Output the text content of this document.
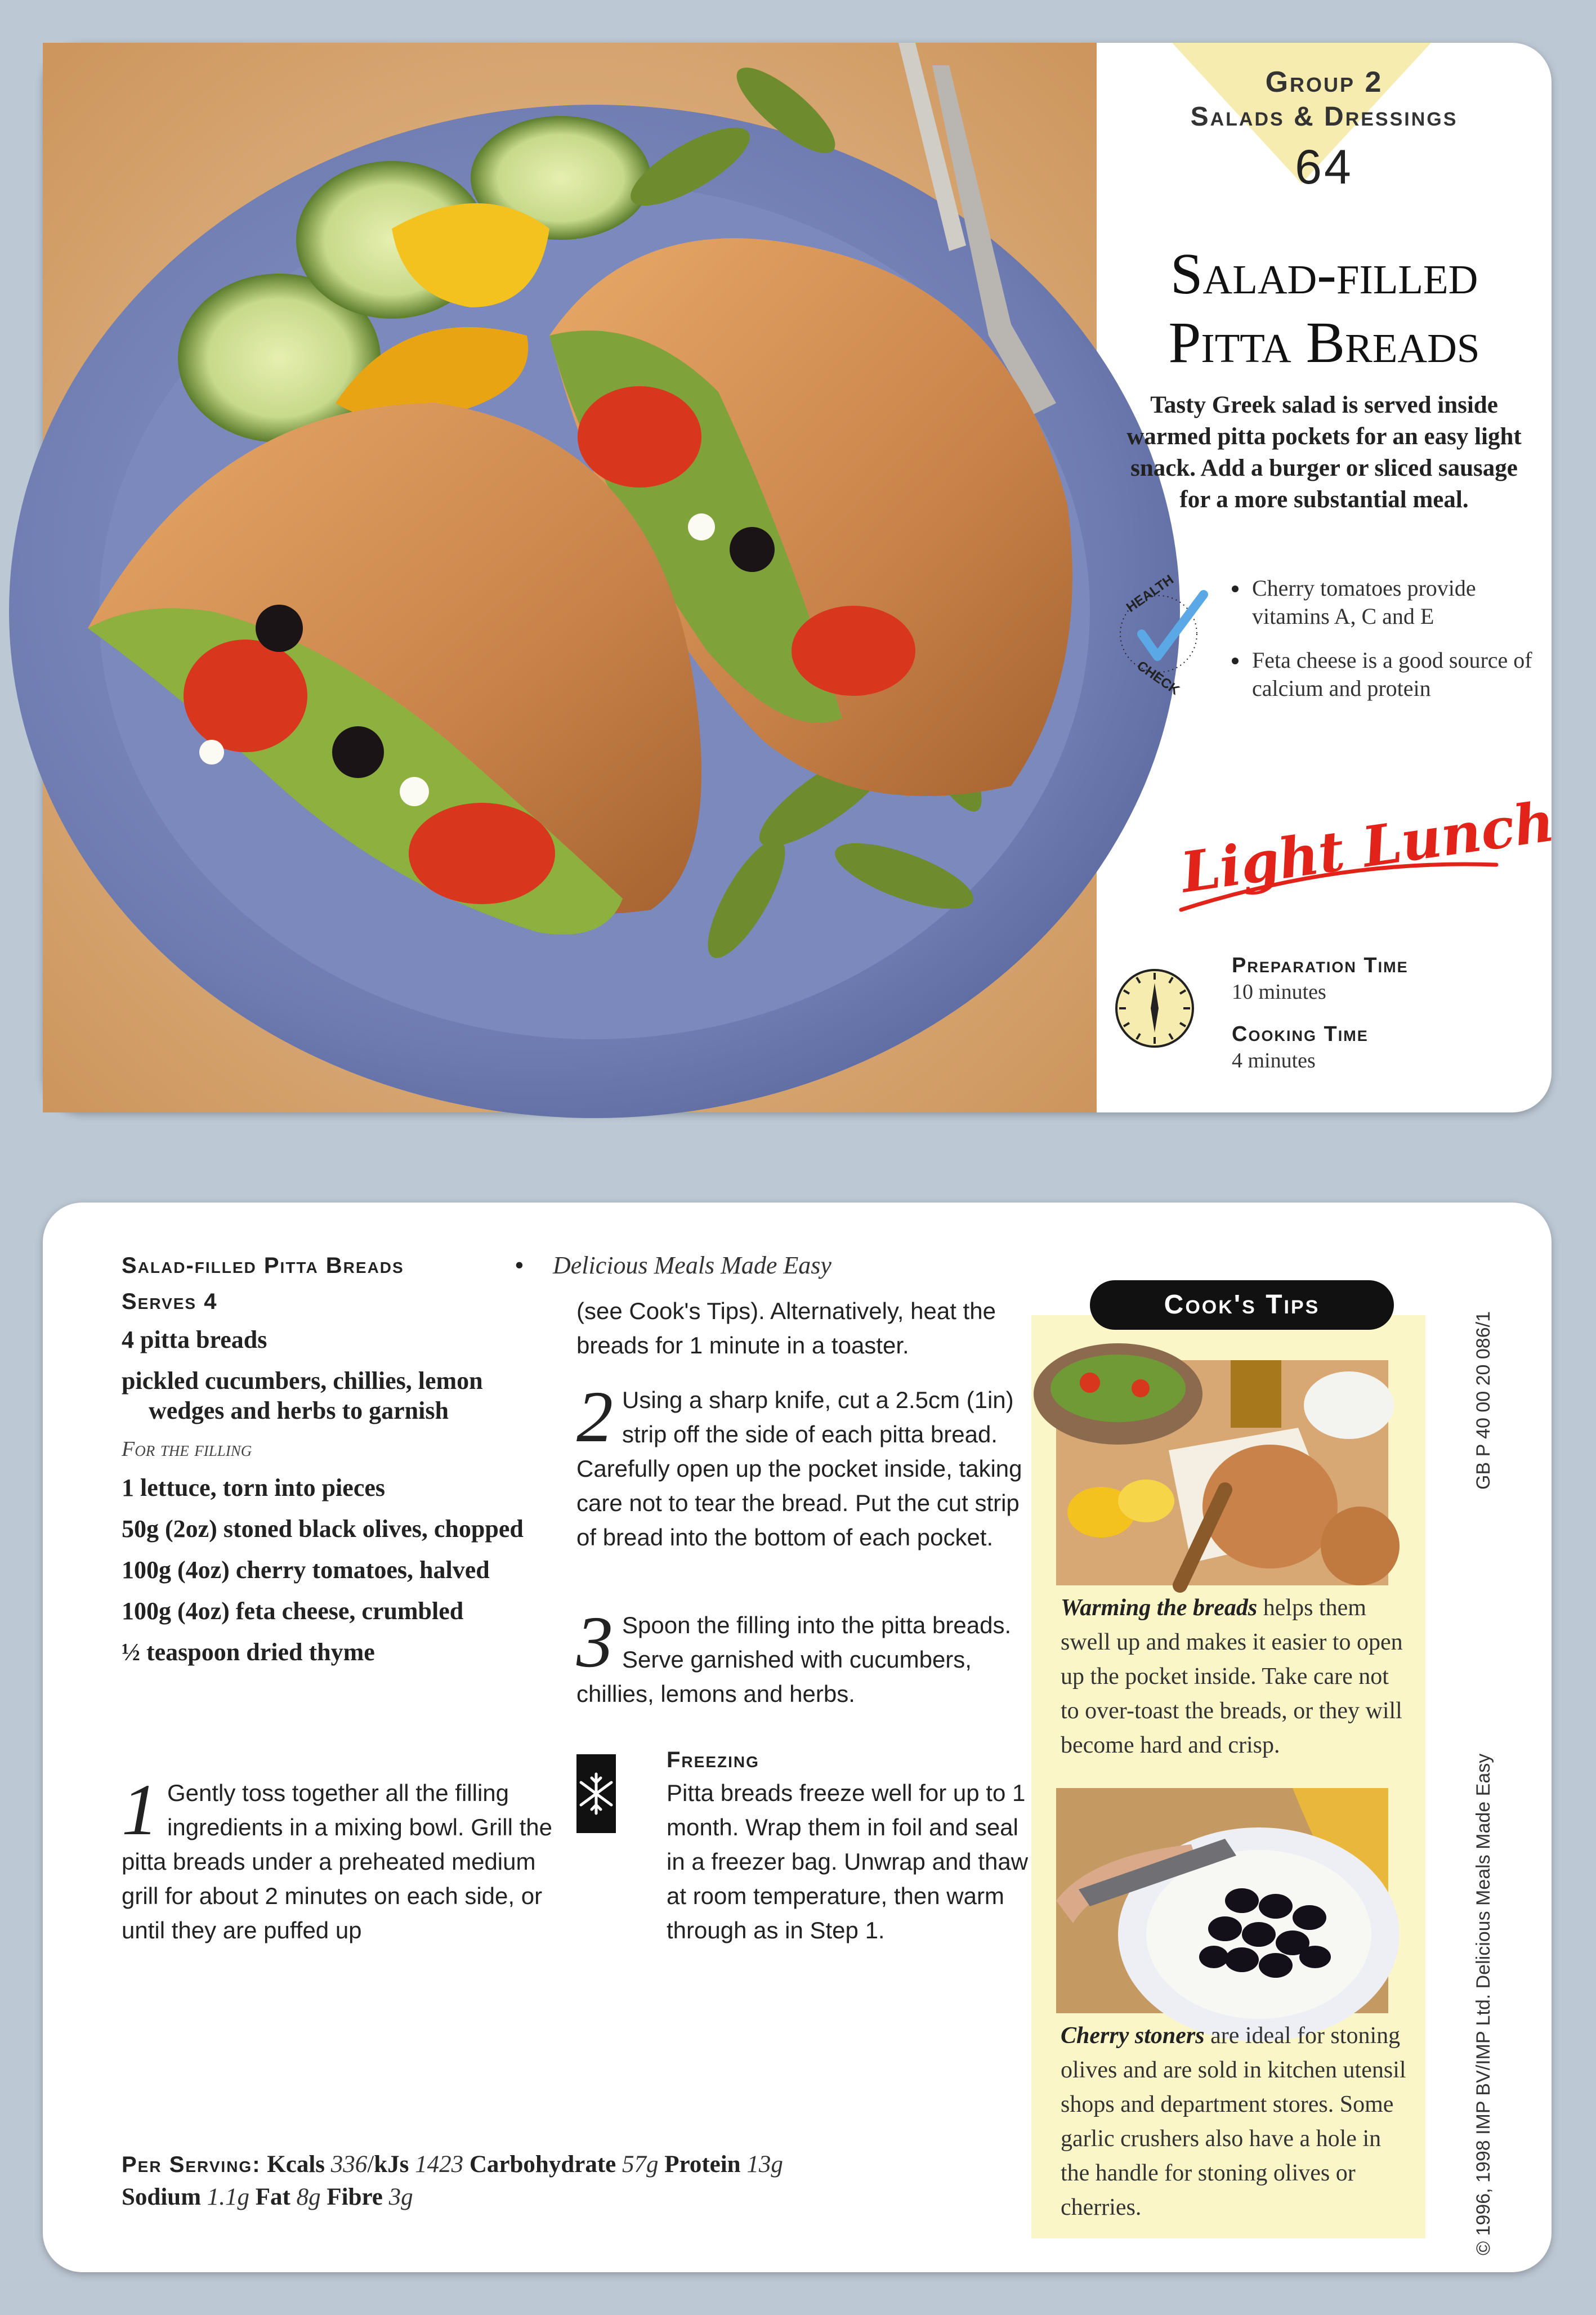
Group 2
Salads & Dressings
64
Salad-filled
Pitta Breads
Tasty Greek salad is served inside warmed pitta pockets for an easy light snack. Add a burger or sliced sausage for a more substantial meal.
HEALTH
CHECK
Cherry tomatoes provide vitamins A, C and E
Feta cheese is a good source of calcium and protein
Light Lunch
Preparation Time
10 minutes
Cooking Time
4 minutes
Salad-filled Pitta Breads	• Delicious Meals Made Easy
Serves 4
4 pitta breads
pickled cucumbers, chillies, lemon wedges and herbs to garnish
For the filling
1 lettuce, torn into pieces
50g (2oz) stoned black olives, chopped
100g (4oz) cherry tomatoes, halved
100g (4oz) feta cheese, crumbled
½ teaspoon dried thyme
1 Gently toss together all the filling ingredients in a mixing bowl. Grill the pitta breads under a preheated medium grill for about 2 minutes on each side, or until they are puffed up
(see Cook's Tips). Alternatively, heat the breads for 1 minute in a toaster.
2 Using a sharp knife, cut a 2.5cm (1in) strip off the side of each pitta bread. Carefully open up the pocket inside, taking care not to tear the bread. Put the cut strip of bread into the bottom of each pocket.
3 Spoon the filling into the pitta breads. Serve garnished with cucumbers, chillies, lemons and herbs.
Freezing
Pitta breads freeze well for up to 1 month. Wrap them in foil and seal in a freezer bag. Unwrap and thaw at room temperature, then warm through as in Step 1.
Per Serving: Kcals 336/kJs 1423 Carbohydrate 57g Protein 13g
Sodium 1.1g Fat 8g Fibre 3g
Cook's Tips
Warming the breads helps them swell up and makes it easier to open up the pocket inside. Take care not to over-toast the breads, or they will become hard and crisp.
Cherry stoners are ideal for stoning olives and are sold in kitchen utensil shops and department stores. Some garlic crushers also have a hole in the handle for stoning olives or cherries.
GB P 40 00 20 086/1
© 1996, 1998 IMP BV/IMP Ltd. Delicious Meals Made Easy
